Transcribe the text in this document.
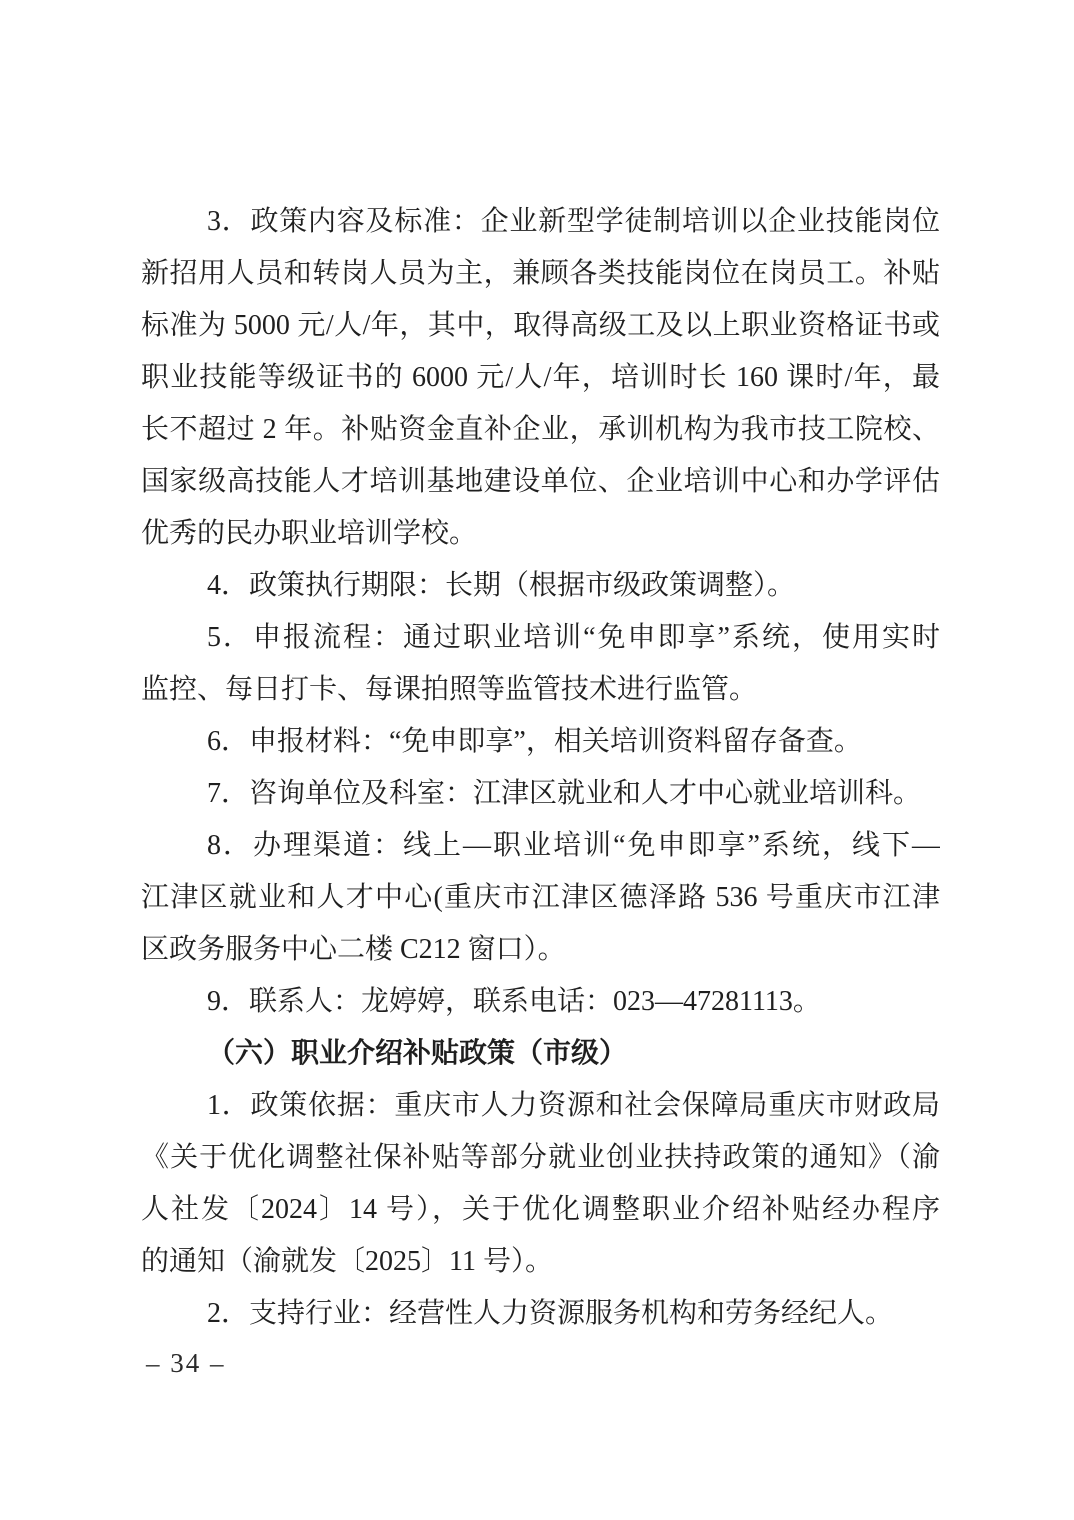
3．政策内容及标准：企业新型学徒制培训以企业技能岗位
新招用人员和转岗人员为主，兼顾各类技能岗位在岗员工。补贴
标准为 5000 元/人/年，其中，取得高级工及以上职业资格证书或
职业技能等级证书的 6000 元/人/年，培训时长 160 课时/年，最
长不超过 2 年。补贴资金直补企业，承训机构为我市技工院校、
国家级高技能人才培训基地建设单位、企业培训中心和办学评估
优秀的民办职业培训学校。
4．政策执行期限：长期（根据市级政策调整）。
5．申报流程：通过职业培训“免申即享”系统，使用实时
监控、每日打卡、每课拍照等监管技术进行监管。
6．申报材料：“免申即享”，相关培训资料留存备查。
7．咨询单位及科室：江津区就业和人才中心就业培训科。
8．办理渠道：线上—职业培训“免申即享”系统，线下—
江津区就业和人才中心(重庆市江津区德泽路 536 号重庆市江津
区政务服务中心二楼 C212 窗口）。
9．联系人：龙婷婷，联系电话：023—47281113。
（六）职业介绍补贴政策（市级）
1．政策依据：重庆市人力资源和社会保障局重庆市财政局
《关于优化调整社保补贴等部分就业创业扶持政策的通知》（渝
人社发〔2024〕14 号），关于优化调整职业介绍补贴经办程序
的通知（渝就发〔2025〕11 号）。
2．支持行业：经营性人力资源服务机构和劳务经纪人。
– 34 –
